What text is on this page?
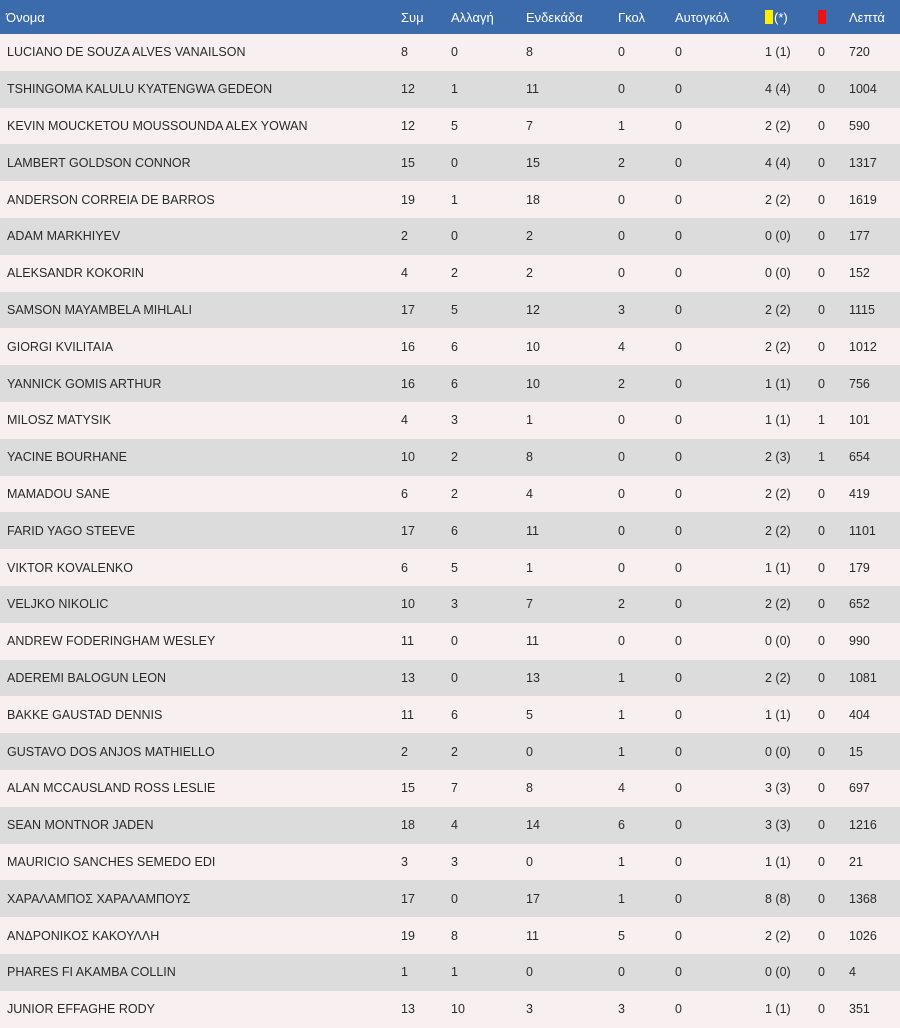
Όνομα	Συμ	Αλλαγή	Ενδεκάδα	Γκολ	Αυτογκόλ	(*)		Λεπτά
LUCIANO DE SOUZA ALVES VANAILSON	8	0	8	0	0	1 (1)	0	720
TSHINGOMA KALULU KYATENGWA GEDEON	12	1	11	0	0	4 (4)	0	1004
KEVIN MOUCKETOU MOUSSOUNDA ALEX YOWAN	12	5	7	1	0	2 (2)	0	590
LAMBERT GOLDSON CONNOR	15	0	15	2	0	4 (4)	0	1317
ANDERSON CORREIA DE BARROS	19	1	18	0	0	2 (2)	0	1619
ADAM MARKHIYEV	2	0	2	0	0	0 (0)	0	177
ALEKSANDR KOKORIN	4	2	2	0	0	0 (0)	0	152
SAMSON MAYAMBELA MIHLALI	17	5	12	3	0	2 (2)	0	1115
GIORGI KVILITAIA	16	6	10	4	0	2 (2)	0	1012
YANNICK GOMIS ARTHUR	16	6	10	2	0	1 (1)	0	756
MILOSZ MATYSIK	4	3	1	0	0	1 (1)	1	101
YACINE BOURHANE	10	2	8	0	0	2 (3)	1	654
MAMADOU SANE	6	2	4	0	0	2 (2)	0	419
FARID YAGO STEEVE	17	6	11	0	0	2 (2)	0	1101
VIKTOR KOVALENKO	6	5	1	0	0	1 (1)	0	179
VELJKO NIKOLIC	10	3	7	2	0	2 (2)	0	652
ANDREW FODERINGHAM WESLEY	11	0	11	0	0	0 (0)	0	990
ADEREMI BALOGUN LEON	13	0	13	1	0	2 (2)	0	1081
BAKKE GAUSTAD DENNIS	11	6	5	1	0	1 (1)	0	404
GUSTAVO DOS ANJOS MATHIELLO	2	2	0	1	0	0 (0)	0	15
ALAN MCCAUSLAND ROSS LESLIE	15	7	8	4	0	3 (3)	0	697
SEAN MONTNOR JADEN	18	4	14	6	0	3 (3)	0	1216
MAURICIO SANCHES SEMEDO EDI	3	3	0	1	0	1 (1)	0	21
ΧΑΡΑΛΑΜΠΟΣ ΧΑΡΑΛΑΜΠΟΥΣ	17	0	17	1	0	8 (8)	0	1368
ΑΝΔΡΟΝΙΚΟΣ ΚΑΚΟΥΛΛΗ	19	8	11	5	0	2 (2)	0	1026
PHARES FI AKAMBA COLLIN	1	1	0	0	0	0 (0)	0	4
JUNIOR EFFAGHE RODY	13	10	3	3	0	1 (1)	0	351
